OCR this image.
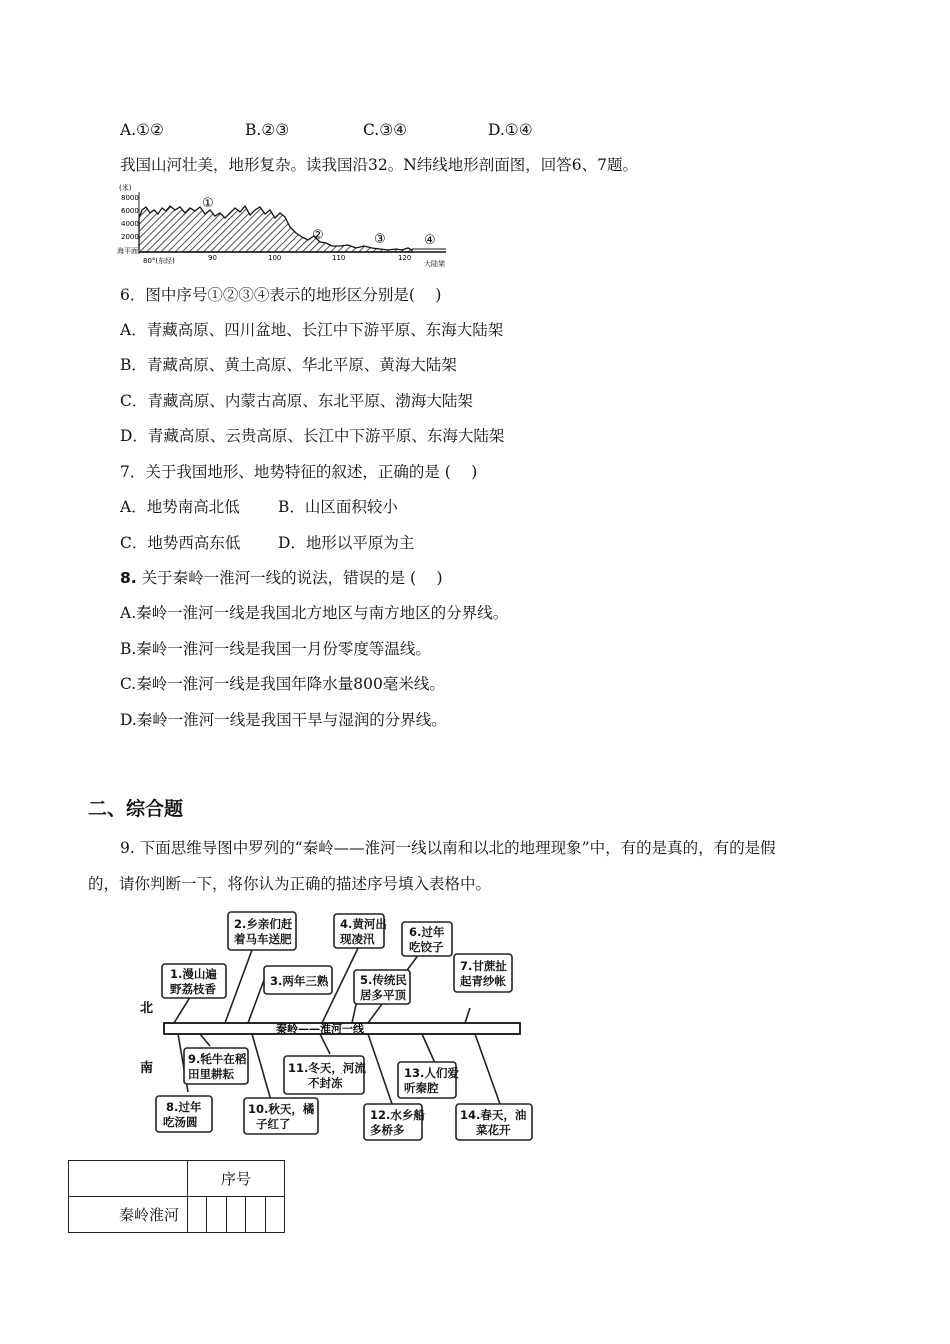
A.①②	B.②③	C.③④	D.①④
我国山河壮美，地形复杂。读我国沿32。N纬线地形剖面图，回答6、7题。
(米)
8000
6000
4000
2000
海平面
①
②	③	④
80°(东经)	90	100	110	120
大陆架
6．图中序号①②③④表示的地形区分别是(　 )
A．青藏高原、四川盆地、长江中下游平原、东海大陆架
B．青藏高原、黄土高原、华北平原、黄海大陆架
C．青藏高原、内蒙古高原、东北平原、渤海大陆架
D．青藏高原、云贵高原、长江中下游平原、东海大陆架
7．关于我国地形、地势特征的叙述，正确的是 (　 )
A．地势南高北低 B．山区面积较小
C．地势西高东低 D．地形以平原为主
8. 关于秦岭一淮河一线的说法，错误的是 (　 )
A.秦岭一淮河一线是我国北方地区与南方地区的分界线。
B.秦岭一淮河一线是我国一月份零度等温线。
C.秦岭一淮河一线是我国年降水量800毫米线。
D.秦岭一淮河一线是我国干旱与湿润的分界线。
二、综合题
9. 下面思维导图中罗列的“秦岭——淮河一线以南和以北的地理现象”中，有的是真的，有的是假
的，请你判断一下，将你认为正确的描述序号填入表格中。
北
南
秦岭——淮河一线
1.漫山遍
野荔枝香
2.乡亲们赶
着马车送肥
3.两年三熟
4.黄河出
现凌汛
5.传统民
居多平顶
6.过年
吃饺子
7.甘蔗扯
起青纱帐
8.过年
吃汤圆
9.牦牛在稻
田里耕耘
10.秋天，橘
子红了
11.冬天，河流
不封冻
12.水乡船
多桥多
13.人们爱
听秦腔
14.春天，油
菜花开
	序号				
秦岭淮河					
